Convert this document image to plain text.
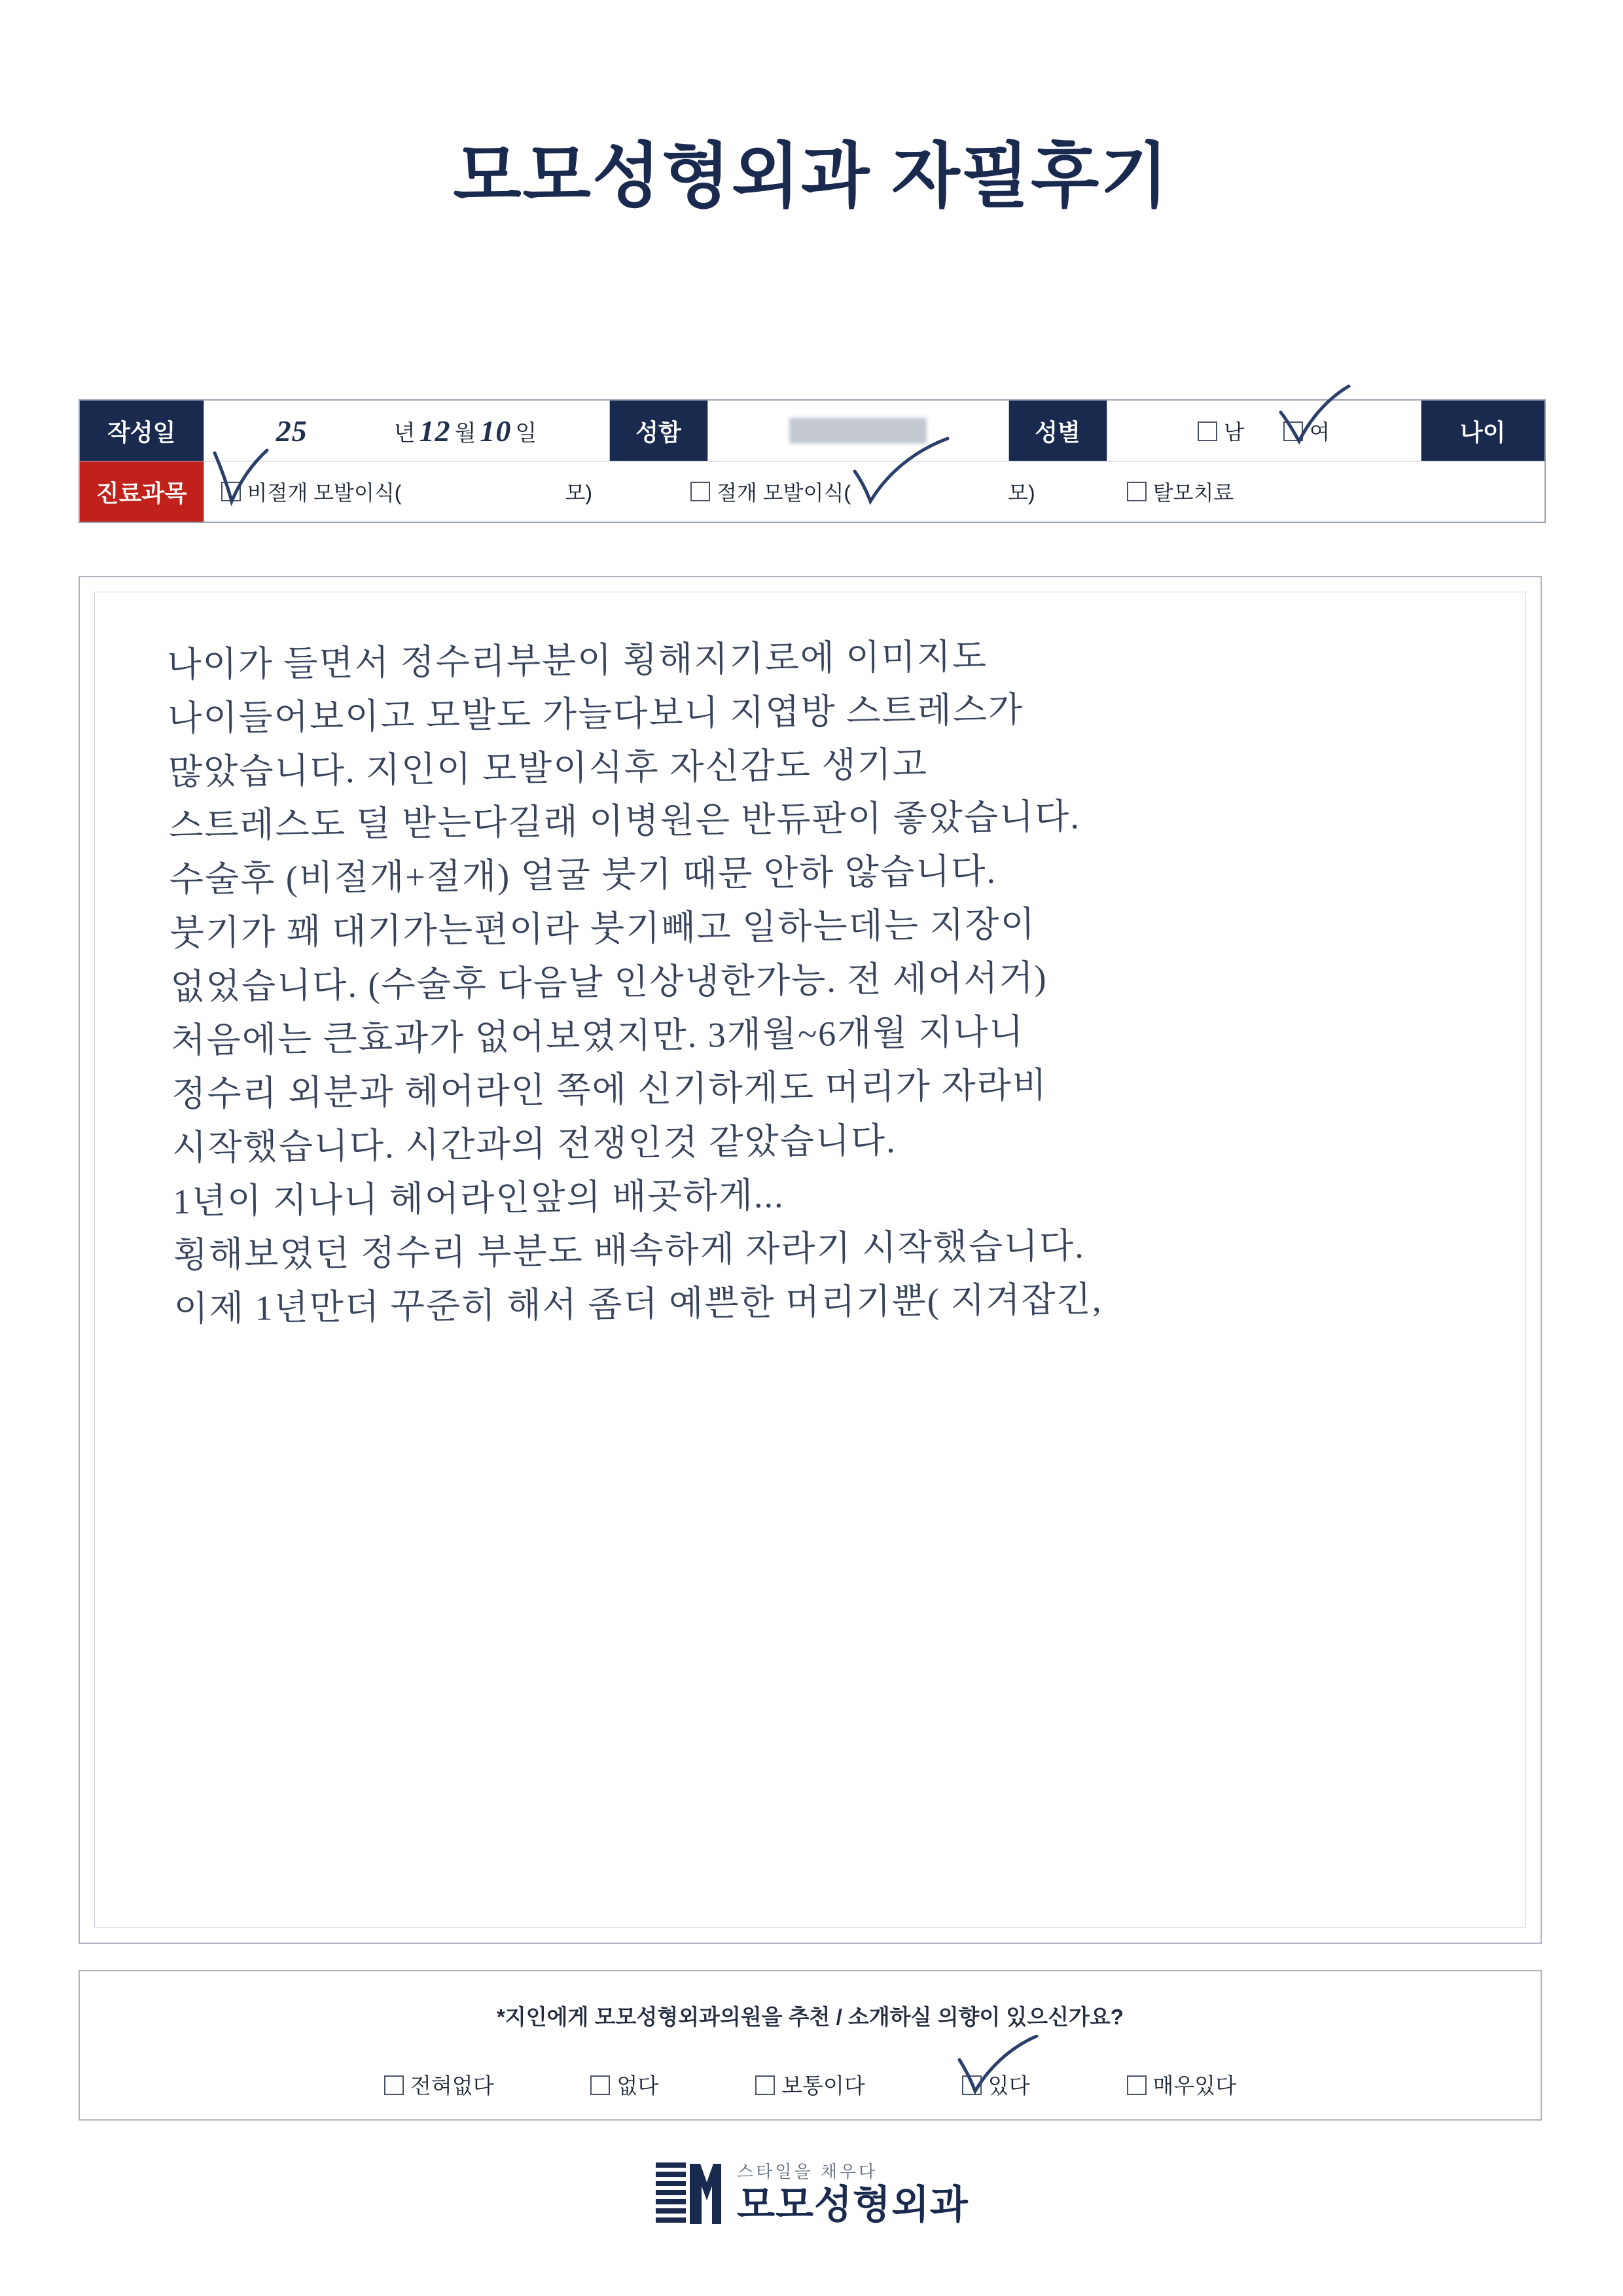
모모성형외과 자필후기
작성일	25	년 12 월 10 일	성함		성별	남	여	나이
진료과목	비절개 모발이식( 모) 절개 모발이식( 모) 탈모치료					
나이가 들면서 정수리부분이 횡해지기로에 이미지도
나이들어보이고 모발도 가늘다보니 지엽방 스트레스가
많았습니다. 지인이 모발이식후 자신감도 생기고
스트레스도 덜 받는다길래 이병원은 반듀판이 좋았습니다.
수술후 (비절개+절개) 얼굴 붓기 때문 안하 않습니다.
붓기가 꽤 대기가는편이라 붓기빼고 일하는데는 지장이
없었습니다. (수술후 다음날 인상냉한가능. 전 세어서거)
처음에는 큰효과가 없어보였지만. 3개월~6개월 지나니
정수리 외분과 헤어라인 쪽에 신기하게도 머리가 자라비
시작했습니다. 시간과의 전쟁인것 같았습니다.
1년이 지나니 헤어라인앞의 배곳하게...
횡해보였던 정수리 부분도 배속하게 자라기 시작했습니다.
이제 1년만더 꾸준히 해서 좀더 예쁜한 머리기뿐( 지겨잡긴,
*지인에게 모모성형외과의원을 추천 / 소개하실 의향이 있으신가요?
전혀없다	없다	보통이다	있다	매우있다
스타일을 채우다
모모성형외과
